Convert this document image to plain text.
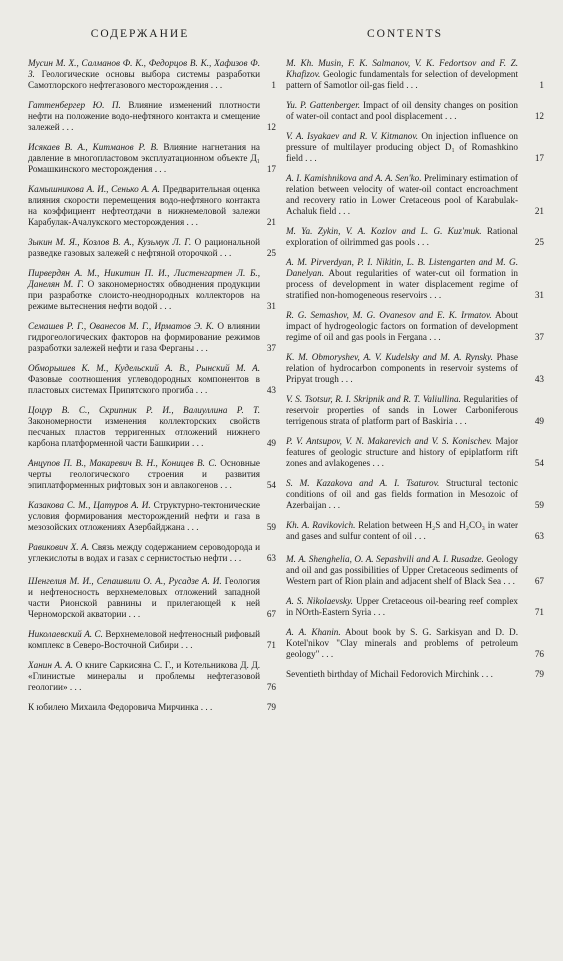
СОДЕРЖАНИЕ	CONTENTS
Мусин М. Х., Салманов Ф. К., Федорцов В. К., Хафизов Ф. З. Геологические основы выбора системы разработки Самотлорского нефтегазового месторождения . . .	1
Гаттенбергер Ю. П. Влияние изменений плотности нефти на положение водо-нефтяного контакта и смещение залежей . . .	12
Исякаев В. А., Китманов Р. В. Влияние нагнетания на давление в многопластовом эксплуатационном объекте Д₁ Ромашкинского месторождения . . .	17
Камышникова А. И., Сенько А. А. Предварительная оценка влияния скорости перемещения водо-нефтяного контакта на коэффициент нефтеотдачи в нижнемеловой залежи Карабулак-Ачалукского месторождения . . .	21
Зыкин М. Я., Козлов В. А., Кузьмук Л. Г. О рациональной разведке газовых залежей с нефтяной оторочкой . . .	25
Пирвердян А. М., Никитин П. И., Листенгартен Л. Б., Данелян М. Г. О закономерностях обводнения продукции при разработке слоисто-неоднородных коллекторов на режиме вытеснения нефти водой . . .	31
Семашев Р. Г., Ованесов М. Г., Ирматов Э. К. О влиянии гидрогеологических факторов на формирование режимов разработки залежей нефти и газа Ферганы . . .	37
Обморышев К. М., Кудельский А. В., Рынский М. А. Фазовые соотношения углеводородных компонентов в пластовых системах Припятского прогиба . . .	43
Цоцур В. С., Скрипник Р. И., Валиуллина Р. Т. Закономерности изменения коллекторских свойств песчаных пластов терригенных отложений нижнего карбона платформенной части Башкирии . . .	49
Анцупов П. В., Макаревич В. Н., Коницев В. С. Основные черты геологического строения и развития эпиплатформенных рифтовых зон и авлакогенов . . .	54
Казакова С. М., Цатуров А. И. Структурно-тектонические условия формирования месторождений нефти и газа в мезозойских отложениях Азербайджана . . .	59
Равикович Х. А. Связь между содержанием сероводорода и углекислоты в водах и газах с сернистостью нефти . . .	63
Шенгелия М. И., Сепашвили О. А., Русадзе А. И. Геология и нефтеносность верхнемеловых отложений западной части Рионской равнины и прилегающей к ней Черноморской акватории . . .	67
Николаевский А. С. Верхнемеловой нефтеносный рифовый комплекс в Северо-Восточной Сибири . . .	71
Ханин А. А. О книге Саркисяна С. Г., и Котельникова Д. Д. «Глинистые минералы и проблемы нефтегазовой геологии» . . .	76
К юбилею Михаила Федоровича Мирчинка . . .	79
M. Kh. Musin, F. K. Salmanov, V. K. Fedortsov and F. Z. Khafizov. Geologic fundamentals for selection of development pattern of Samotlor oil-gas field . . .	1
Yu. P. Gattenberger. Impact of oil density changes on position of water-oil contact and pool displacement . . .	12
V. A. Isyakaev and R. V. Kitmanov. On injection influence on pressure of multilayer producing object D₁ of Romashkino field . . .	17
A. I. Kamishnikova and A. A. Sen'ko. Preliminary estimation of relation between velocity of water-oil contact encroachment and recovery ratio in Lower Cretaceous pool of Karabulak-Achaluk field . . .	21
M. Ya. Zykin, V. A. Kozlov and L. G. Kuz'muk. Rational exploration of oilrimmed gas pools . . .	25
A. M. Pirverdyan, P. I. Nikitin, L. B. Listengarten and M. G. Danelyan. About regularities of water-cut oil formation in process of development in water displacement regime of stratified non-homogeneous reservoirs . . .	31
R. G. Semashov, M. G. Ovanesov and E. K. Irmatov. About impact of hydrogeologic factors on formation of development regime of oil and gas pools in Fergana . . .	37
K. M. Obmoryshev, A. V. Kudelsky and M. A. Rynsky. Phase relation of hydrocarbon components in reservoir systems of Pripyat trough . . .	43
V. S. Tsotsur, R. I. Skripnik and R. T. Valiullina. Regularities of reservoir properties of sands in Lower Carboniferous terrigenous strata of platform part of Baskiria . . .	49
P. V. Antsupov, V. N. Makarevich and V. S. Konischev. Major features of geologic structure and history of epiplatform rift zones and avlakogenes . . .	54
S. M. Kazakova and A. I. Tsaturov. Structural tectonic conditions of oil and gas fields formation in Mesozoic of Azerbaijan . . .	59
Kh. A. Ravikovich. Relation between H₂S and H₂CO₃ in water and gases and sulfur content of oil . . .	63
M. A. Shenghelia, O. A. Sepashvili and A. I. Rusadze. Geology and oil and gas possibilities of Upper Cretaceous sediments of Western part of Rion plain and adjacent shelf of Black Sea . . . 67
A. S. Nikolaevsky. Upper Cretaceous oil-bearing reef complex in NOrth-Eastern Syria . . .	71
A. A. Khanin. About book by S. G. Sarkisyan and D. D. Kotel'nikov "Clay minerals and problems of petroleum geology" . . .	76
Seventieth birthday of Michail Fedorovich Mirchink . . .	79
